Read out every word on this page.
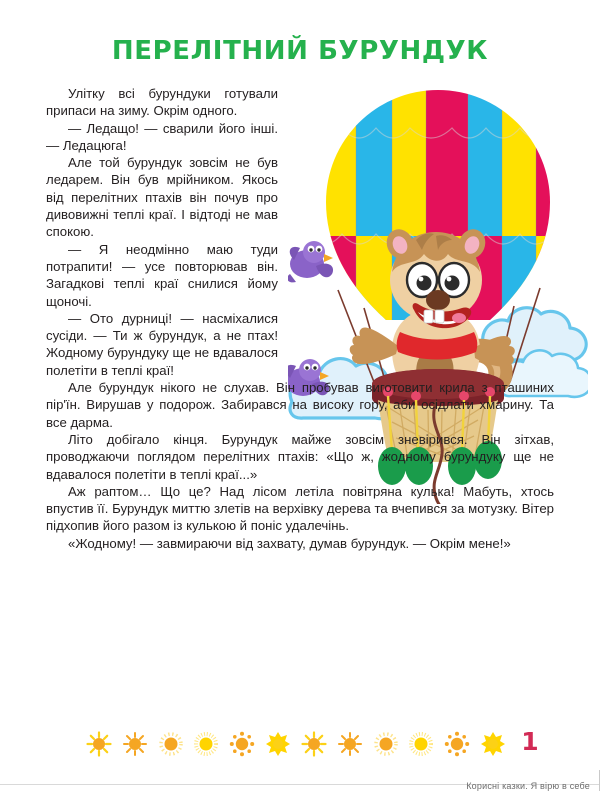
ПЕРЕЛІТНИЙ БУРУНДУК

Улітку всі бурундуки готували припаси на зиму. Окрім одного.

— Ледащо! — сварили його інші. — Ледацюга!

Але той бурундук зовсім не був ледарем. Він був мрійником. Якось від перелітних птахів він почув про дивовижні теплі краї. І відтоді не мав спокою.

— Я неодмінно маю туди потрапити! — усе повторював він. Загадкові теплі краї снилися йому щоночі.

— Ото дурниці! — насміхалися сусіди. — Ти ж бурундук, а не птах! Жодному бурундуку ще не вдавалося полетіти в теплі краї!

Але бурундук нікого не слухав. Він пробував виготовити крила з пташиних пір'їн. Вирушав у подорож. Забирався на високу гору, аби осідлати хмарину. Та все дарма.

Літо добігало кінця. Бурундук майже зовсім зневірився. Він зітхав, проводжаючи поглядом перелітних птахів: «Що ж, жодному бурундуку ще не вдавалося полетіти в теплі краї...»

Аж раптом… Що це? Над лісом летіла повітряна кулька! Мабуть, хтось впустив її. Бурундук миттю злетів на верхівку дерева та вчепився за мотузку. Вітер підхопив його разом із кулькою й поніс удалечінь.

«Жодному! — завмираючи від захвату, думав бурундук. — Окрім мене!»

1
Корисні казки. Я вірю в себе
